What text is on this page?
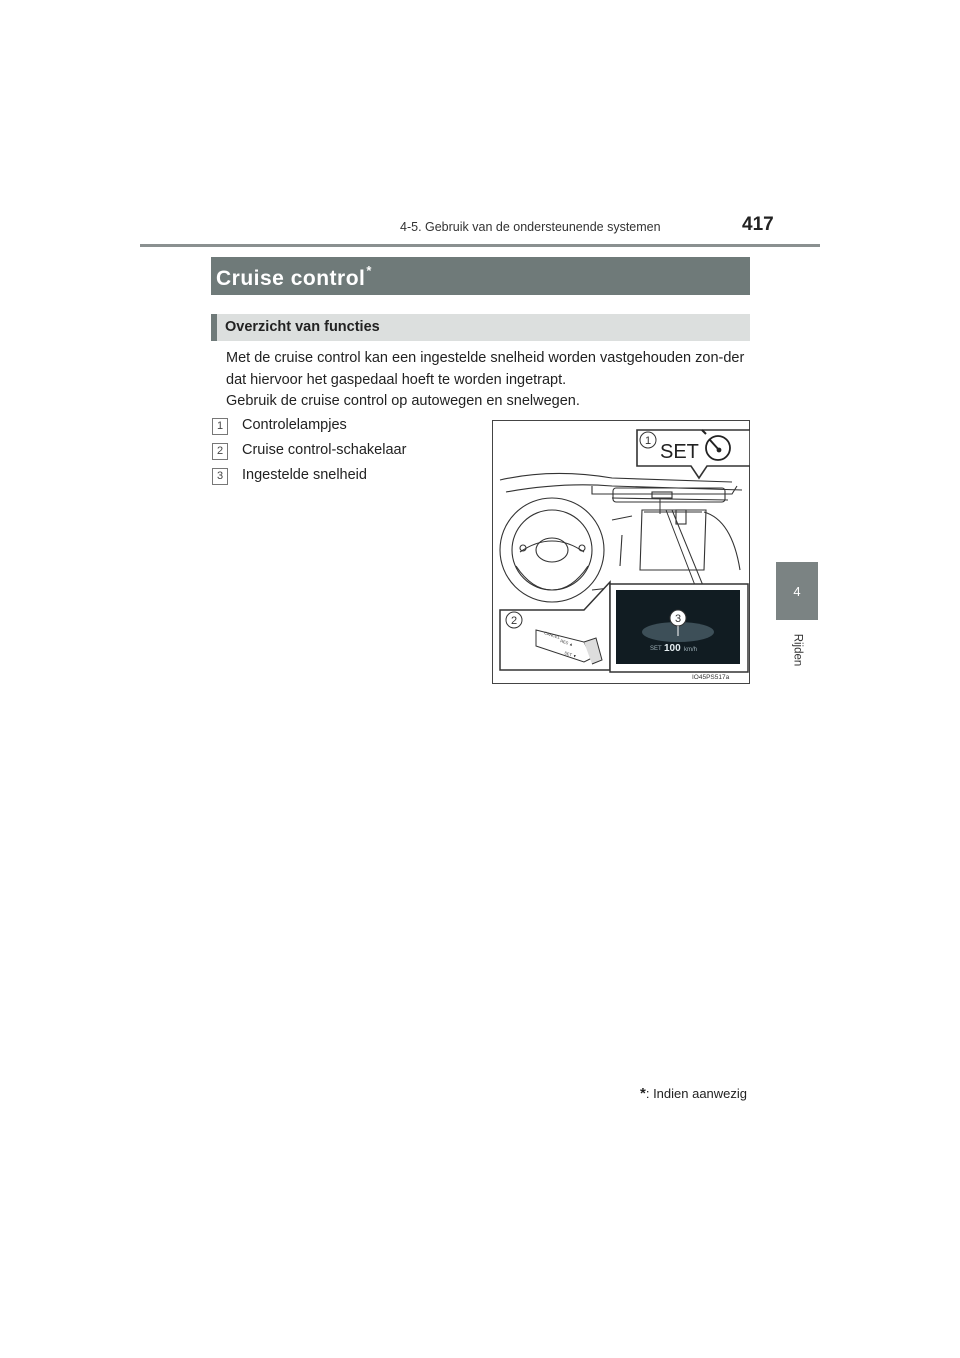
4-5. Gebruik van de ondersteunende systemen	417
4
Rijden
Cruise control*
Overzicht van functies
Met de cruise control kan een ingestelde snelheid worden vastgehouden zon-der dat hiervoor het gaspedaal hoeft te worden ingetrapt.
Gebruik de cruise control op autowegen en snelwegen.
1	Controlelampjes
2	Cruise control-schakelaar
3	Ingestelde snelheid
1 SET
2
CANCEL
RES ▲
SET ▼
3
SET 100 km/h
IO45PS517a
*: Indien aanwezig
